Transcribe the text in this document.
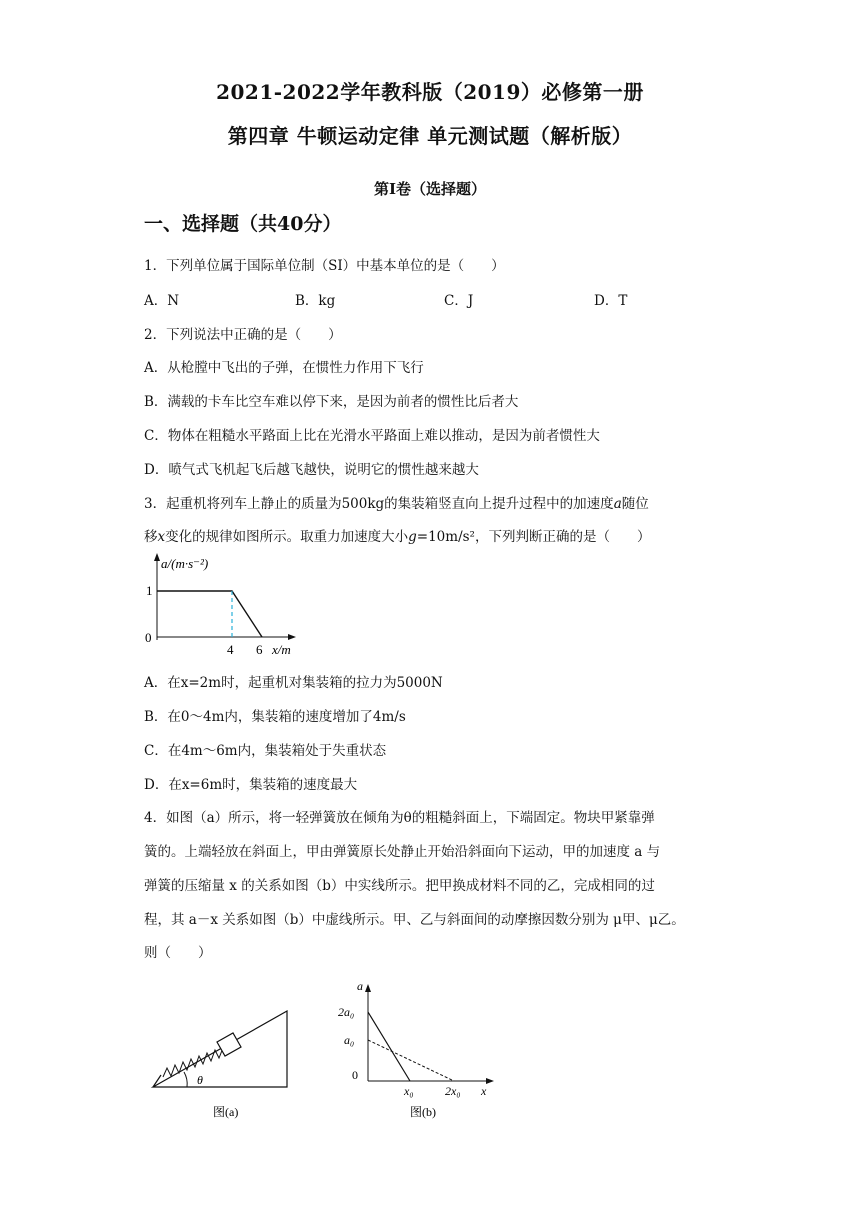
2021-2022学年教科版（2019）必修第一册
第四章 牛顿运动定律 单元测试题（解析版）
第Ⅰ卷（选择题）
一、选择题（共40分）
1．下列单位属于国际单位制（SI）中基本单位的是（　　）
A．N	B．kg	C．J	D．T
2．下列说法中正确的是（　　）
A．从枪膛中飞出的子弹，在惯性力作用下飞行
B．满载的卡车比空车难以停下来，是因为前者的惯性比后者大
C．物体在粗糙水平路面上比在光滑水平路面上难以推动，是因为前者惯性大
D．喷气式飞机起飞后越飞越快，说明它的惯性越来越大
3．起重机将列车上静止的质量为500kg的集装箱竖直向上提升过程中的加速度a随位
移x变化的规律如图所示。取重力加速度大小g=10m/s²，下列判断正确的是（　　）
a/(m·s⁻²)
1
0
4 6 x/m
A．在x=2m时，起重机对集装箱的拉力为5000N
B．在0～4m内，集装箱的速度增加了4m/s
C．在4m～6m内，集装箱处于失重状态
D．在x=6m时，集装箱的速度最大
4．如图（a）所示，将一轻弹簧放在倾角为θ的粗糙斜面上，下端固定。物块甲紧靠弹
簧的。上端轻放在斜面上，甲由弹簧原长处静止开始沿斜面向下运动，甲的加速度 a 与
弹簧的压缩量 x 的关系如图（b）中实线所示。把甲换成材料不同的乙，完成相同的过
程，其 a－x 关系如图（b）中虚线所示。甲、乙与斜面间的动摩擦因数分别为 μ甲、μ乙。
则（　　）
θ
图(a)
a
2a₀
a₀
0
x₀	2x₀ x
图(b)
